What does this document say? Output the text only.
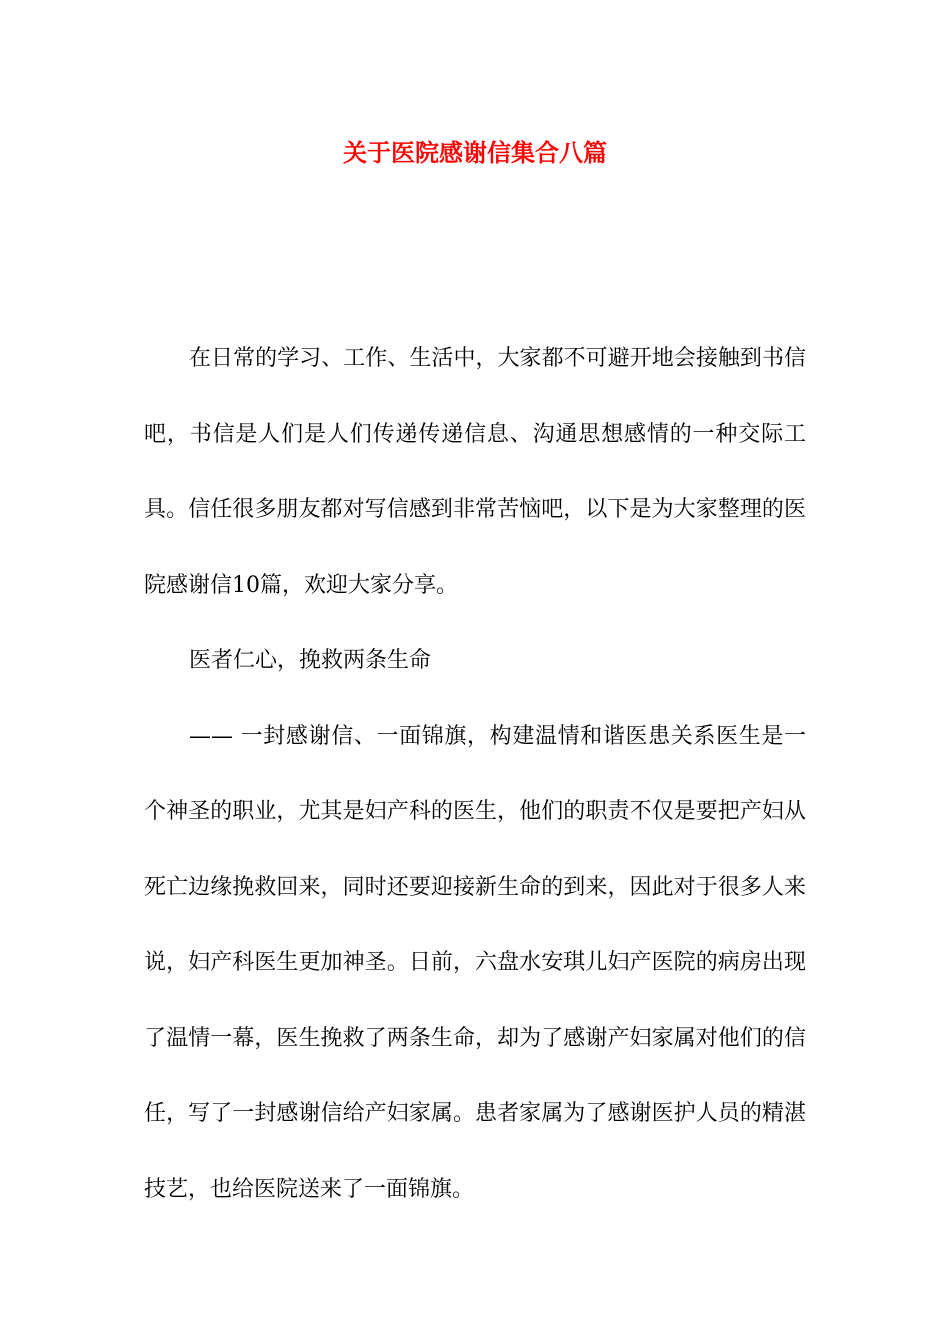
关于医院感谢信集合八篇

在日常的学习、工作、生活中，大家都不可避开地会接触到书信吧，书信是人们是人们传递传递信息、沟通思想感情的一种交际工具。信任很多朋友都对写信感到非常苦恼吧，以下是为大家整理的医院感谢信10篇，欢迎大家分享。

医者仁心，挽救两条生命

—— 一封感谢信、一面锦旗，构建温情和谐医患关系医生是一个神圣的职业，尤其是妇产科的医生，他们的职责不仅是要把产妇从死亡边缘挽救回来，同时还要迎接新生命的到来，因此对于很多人来说，妇产科医生更加神圣。日前，六盘水安琪儿妇产医院的病房出现了温情一幕，医生挽救了两条生命，却为了感谢产妇家属对他们的信任，写了一封感谢信给产妇家属。患者家属为了感谢医护人员的精湛技艺，也给医院送来了一面锦旗。
